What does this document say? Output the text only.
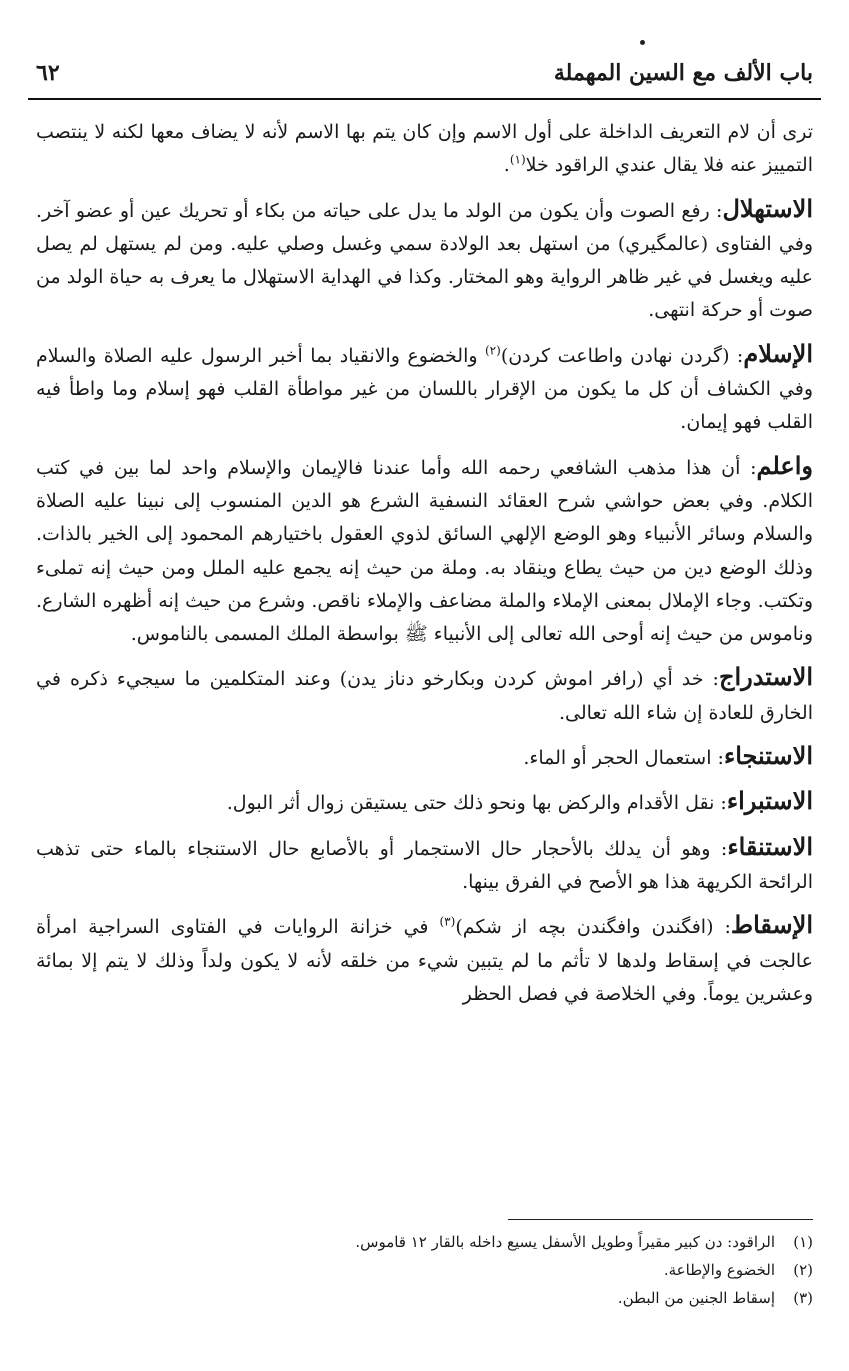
باب الألف مع السين المهملة
٦٢

ترى أن لام التعريف الداخلة على أول الاسم وإن كان يتم بها الاسم لأنه لا يضاف معها لكنه لا ينتصب التمييز عنه فلا يقال عندي الراقود خلا$^{(١)}$.

الاستهلال: رفع الصوت وأن يكون من الولد ما يدل على حياته من بكاء أو تحريك عين أو عضو آخر. وفي الفتاوى (عالمگيري) من استهل بعد الولادة سمي وغسل وصلي عليه. ومن لم يستهل لم يصل عليه ويغسل في غير ظاهر الرواية وهو المختار. وكذا في الهداية الاستهلال ما يعرف به حياة الولد من صوت أو حركة انتهى.

الإسلام: (گردن نهادن واطاعت كردن)$^{(٢)}$ والخضوع والانقياد بما أخبر الرسول عليه الصلاة والسلام وفي الكشاف أن كل ما يكون من الإقرار باللسان من غير مواطأة القلب فهو إسلام وما واطأ فيه القلب فهو إيمان.

واعلم: أن هذا مذهب الشافعي رحمه الله وأما عندنا فالإيمان والإسلام واحد لما بين في كتب الكلام. وفي بعض حواشي شرح العقائد النسفية الشرع هو الدين المنسوب إلى نبينا عليه الصلاة والسلام وسائر الأنبياء وهو الوضع الإلهي السائق لذوي العقول باختيارهم المحمود إلى الخير بالذات. وذلك الوضع دين من حيث يطاع وينقاد به. وملة من حيث إنه يجمع عليه الملل ومن حيث إنه تملىء وتكتب. وجاء الإملال بمعنى الإملاء والملة مضاعف والإملاء ناقص. وشرع من حيث إنه أظهره الشارع. وناموس من حيث إنه أوحى الله تعالى إلى الأنبياء ﷺ بواسطة الملك المسمى بالناموس.

الاستدراج: خد أي (رافر اموش كردن وبكارخو دناز يدن) وعند المتكلمين ما سيجيء ذكره في الخارق للعادة إن شاء الله تعالى.

الاستنجاء: استعمال الحجر أو الماء.

الاستبراء: نقل الأقدام والركض بها ونحو ذلك حتى يستيقن زوال أثر البول.

الاستنقاء: وهو أن يدلك بالأحجار حال الاستجمار أو بالأصابع حال الاستنجاء بالماء حتى تذهب الرائحة الكريهة هذا هو الأصح في الفرق بينها.

الإسقاط: (افگندن وافگندن بچه از شكم)$^{(٣)}$ في خزانة الروايات في الفتاوى السراجية امرأة عالجت في إسقاط ولدها لا تأثم ما لم يتبين شيء من خلقه لأنه لا يكون ولداً وذلك لا يتم إلا بمائة وعشرين يوماً. وفي الخلاصة في فصل الحظر

(١)الراقود: دن كبير مقيراً وطويل الأسفل يسيع داخله بالقار ١٢ قاموس.
(٢)الخضوع والإطاعة.
(٣)إسقاط الجنين من البطن.
